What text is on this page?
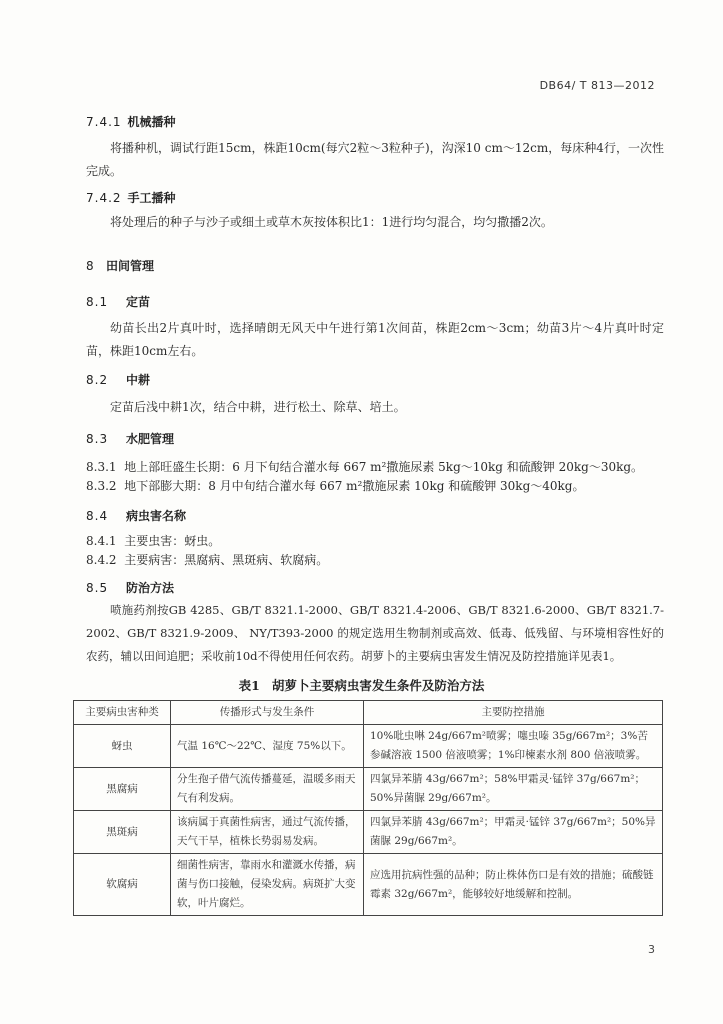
DB64/ T 813—2012
7.4.1 机械播种
将播种机，调试行距15cm，株距10cm(每穴2粒～3粒种子)，沟深10 cm～12cm，每床种4行，一次性完成。
7.4.2 手工播种
将处理后的种子与沙子或细土或草木灰按体积比1：1进行均匀混合，均匀撒播2次。
8 田间管理
8.1 定苗
幼苗长出2片真叶时，选择晴朗无风天中午进行第1次间苗，株距2cm～3cm；幼苗3片～4片真叶时定苗，株距10cm左右。
8.2 中耕
定苗后浅中耕1次，结合中耕，进行松土、除草、培土。
8.3 水肥管理
8.3.1 地上部旺盛生长期：6 月下旬结合灌水每 667 m²撒施尿素 5kg～10kg 和硫酸钾 20kg～30kg。
8.3.2 地下部膨大期：8 月中旬结合灌水每 667 m²撒施尿素 10kg 和硫酸钾 30kg～40kg。
8.4 病虫害名称
8.4.1 主要虫害：蚜虫。
8.4.2 主要病害：黑腐病、黑斑病、软腐病。
8.5 防治方法
喷施药剂按GB 4285、GB/T 8321.1-2000、GB/T 8321.4-2006、GB/T 8321.6-2000、GB/T 8321.7-2002、GB/T 8321.9-2009、 NY/T393-2000 的规定选用生物制剂或高效、低毒、低残留、与环境相容性好的农药，辅以田间追肥；采收前10d不得使用任何农药。胡萝卜的主要病虫害发生情况及防控措施详见表1。
表1 胡萝卜主要病虫害发生条件及防治方法
主要病虫害种类	传播形式与发生条件	主要防控措施
蚜虫	气温 16℃～22℃、湿度 75%以下。	10%吡虫啉 24g/667m²喷雾；噻虫嗪 35g/667m²；3%苦参碱溶液 1500 倍液喷雾；1%印楝素水剂 800 倍液喷雾。
黑腐病	分生孢子借气流传播蔓延，温暖多雨天气有利发病。	四氯异苯腈 43g/667m²；58%甲霜灵·锰锌 37g/667m²；50%异菌脲 29g/667m²。
黑斑病	该病属于真菌性病害，通过气流传播，天气干旱，植株长势弱易发病。	四氯异苯腈 43g/667m²；甲霜灵·锰锌 37g/667m²；50%异菌脲 29g/667m²。
软腐病	细菌性病害，靠雨水和灌溉水传播，病菌与伤口接触，侵染发病。病斑扩大变软，叶片腐烂。	应选用抗病性强的品种；防止株体伤口是有效的措施；硫酸链霉素 32g/667m²，能够较好地缓解和控制。
3
